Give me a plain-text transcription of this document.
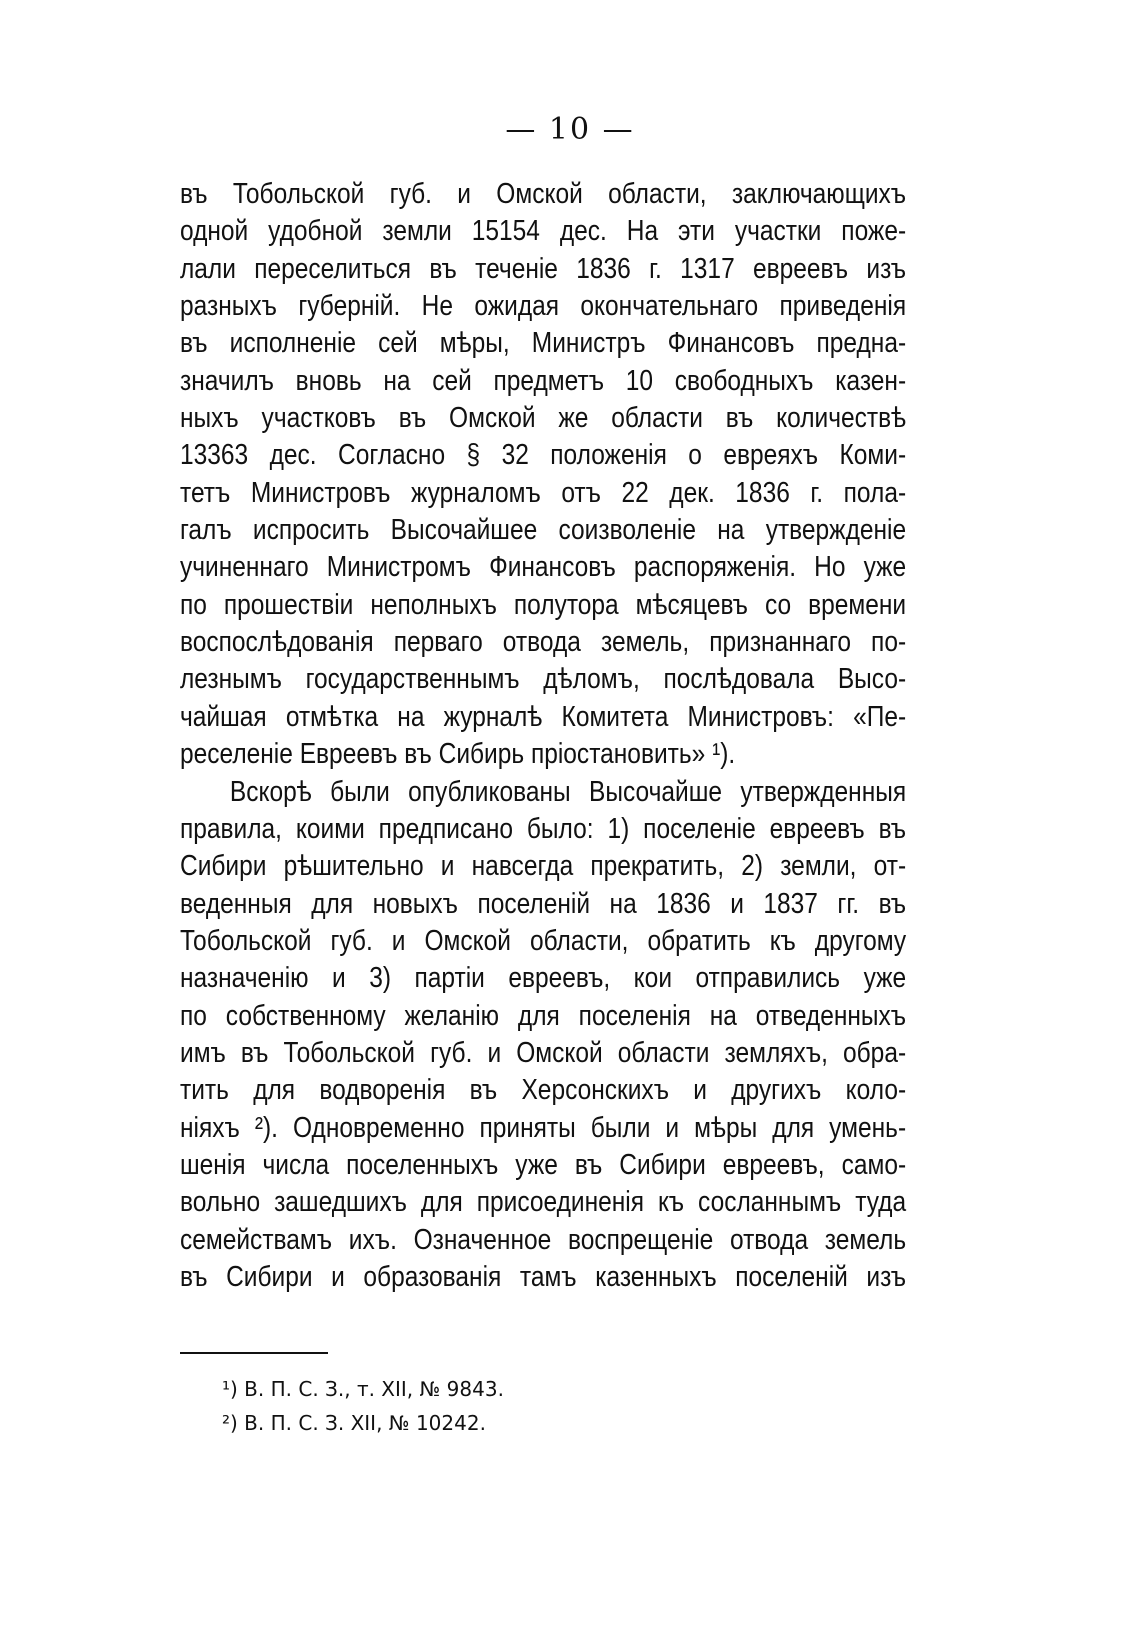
— 10 —
въ Тобольской губ. и Омской области, заключающихъ
одной удобной земли 15154 дес. На эти участки поже-
лали переселиться въ теченіе 1836 г. 1317 евреевъ изъ
разныхъ губерній. Не ожидая окончательнаго приведенія
въ исполненіе сей мѣры, Министръ Финансовъ предна-
значилъ вновь на сей предметъ 10 свободныхъ казен-
ныхъ участковъ въ Омской же области въ количествѣ
13363 дес. Согласно § 32 положенія о евреяхъ Коми-
тетъ Министровъ журналомъ отъ 22 дек. 1836 г. пола-
галъ испросить Высочайшее соизволеніе на утвержденіе
учиненнаго Министромъ Финансовъ распоряженія. Но уже
по прошествіи неполныхъ полутора мѣсяцевъ со времени
воспослѣдованія перваго отвода земель, признаннаго по-
лезнымъ государственнымъ дѣломъ, послѣдовала Высо-
чайшая отмѣтка на журналѣ Комитета Министровъ: «Пе-
реселеніе Евреевъ въ Сибирь пріостановить» ¹).
Вскорѣ были опубликованы Высочайше утвержденныя
правила, коими предписано было: 1) поселеніе евреевъ въ
Сибири рѣшительно и навсегда прекратить, 2) земли, от-
веденныя для новыхъ поселеній на 1836 и 1837 гг. въ
Тобольской губ. и Омской области, обратить къ другому
назначенію и 3) партіи евреевъ, кои отправились уже
по собственному желанію для поселенія на отведенныхъ
имъ въ Тобольской губ. и Омской области земляхъ, обра-
тить для водворенія въ Херсонскихъ и другихъ коло-
ніяхъ ²). Одновременно приняты были и мѣры для умень-
шенія числа поселенныхъ уже въ Сибири евреевъ, само-
вольно зашедшихъ для присоединенія къ сосланнымъ туда
семействамъ ихъ. Означенное воспрещеніе отвода земель
въ Сибири и образованія тамъ казенныхъ поселеній изъ
¹) В. П. С. З., т. XII, № 9843.
²) В. П. С. З. XII, № 10242.
